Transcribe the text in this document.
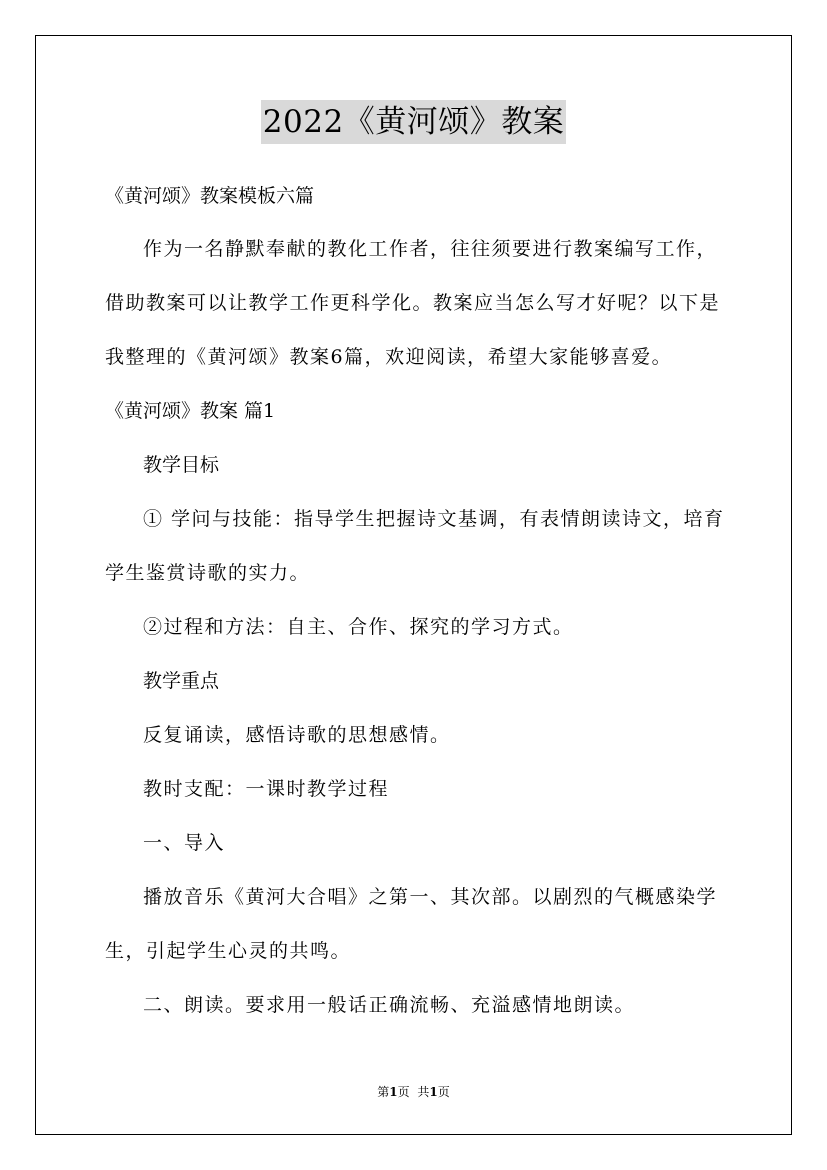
2022《黄河颂》教案
《黄河颂》教案模板六篇
作为一名静默奉献的教化工作者，往往须要进行教案编写工作，
借助教案可以让教学工作更科学化。教案应当怎么写才好呢？以下是
我整理的《黄河颂》教案6篇，欢迎阅读，希望大家能够喜爱。
《黄河颂》教案 篇1
教学目标
① 学问与技能：指导学生把握诗文基调，有表情朗读诗文，培育
学生鉴赏诗歌的实力。
②过程和方法：自主、合作、探究的学习方式。
教学重点
反复诵读，感悟诗歌的思想感情。
教时支配：一课时教学过程
一、导入
播放音乐《黄河大合唱》之第一、其次部。以剧烈的气概感染学
生，引起学生心灵的共鸣。
二、朗读。要求用一般话正确流畅、充溢感情地朗读。
第1页 共1页
